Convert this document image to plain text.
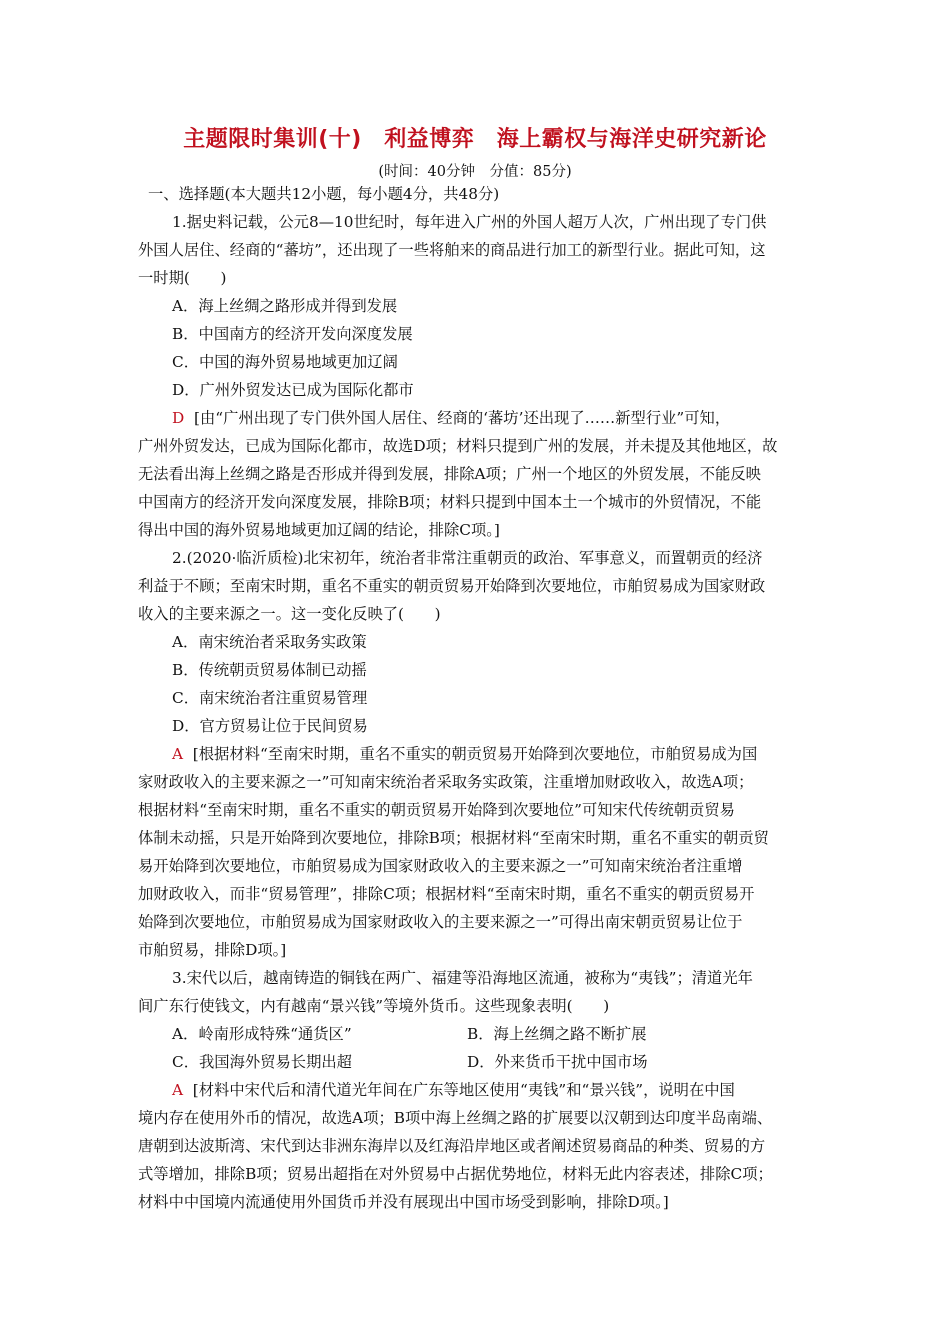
主题限时集训(十)　利益博弈　海上霸权与海洋史研究新论
(时间：40分钟　分值：85分)
一、选择题(本大题共12小题，每小题4分，共48分)
1.据史料记载，公元8—10世纪时，每年进入广州的外国人超万人次，广州出现了专门供
外国人居住、经商的“蕃坊”，还出现了一些将舶来的商品进行加工的新型行业。据此可知，这
一时期(　　)
A．海上丝绸之路形成并得到发展
B．中国南方的经济开发向深度发展
C．中国的海外贸易地域更加辽阔
D．广州外贸发达已成为国际化都市
D [由“广州出现了专门供外国人居住、经商的‘蕃坊’还出现了……新型行业”可知，
广州外贸发达，已成为国际化都市，故选D项；材料只提到广州的发展，并未提及其他地区，故
无法看出海上丝绸之路是否形成并得到发展，排除A项；广州一个地区的外贸发展，不能反映
中国南方的经济开发向深度发展，排除B项；材料只提到中国本土一个城市的外贸情况，不能
得出中国的海外贸易地域更加辽阔的结论，排除C项。]
2.(2020·临沂质检)北宋初年，统治者非常注重朝贡的政治、军事意义，而置朝贡的经济
利益于不顾；至南宋时期，重名不重实的朝贡贸易开始降到次要地位，市舶贸易成为国家财政
收入的主要来源之一。这一变化反映了(　　)
A．南宋统治者采取务实政策
B．传统朝贡贸易体制已动摇
C．南宋统治者注重贸易管理
D．官方贸易让位于民间贸易
A [根据材料“至南宋时期，重名不重实的朝贡贸易开始降到次要地位，市舶贸易成为国
家财政收入的主要来源之一”可知南宋统治者采取务实政策，注重增加财政收入，故选A项；
根据材料“至南宋时期，重名不重实的朝贡贸易开始降到次要地位”可知宋代传统朝贡贸易
体制未动摇，只是开始降到次要地位，排除B项；根据材料“至南宋时期，重名不重实的朝贡贸
易开始降到次要地位，市舶贸易成为国家财政收入的主要来源之一”可知南宋统治者注重增
加财政收入，而非“贸易管理”，排除C项；根据材料“至南宋时期，重名不重实的朝贡贸易开
始降到次要地位，市舶贸易成为国家财政收入的主要来源之一”可得出南宋朝贡贸易让位于
市舶贸易，排除D项。]
3.宋代以后，越南铸造的铜钱在两广、福建等沿海地区流通，被称为“夷钱”；清道光年
间广东行使钱文，内有越南“景兴钱”等境外货币。这些现象表明(　　)
A．岭南形成特殊“通货区”	B．海上丝绸之路不断扩展
C．我国海外贸易长期出超	D．外来货币干扰中国市场
A [材料中宋代后和清代道光年间在广东等地区使用“夷钱”和“景兴钱”，说明在中国
境内存在使用外币的情况，故选A项；B项中海上丝绸之路的扩展要以汉朝到达印度半岛南端、
唐朝到达波斯湾、宋代到达非洲东海岸以及红海沿岸地区或者阐述贸易商品的种类、贸易的方
式等增加，排除B项；贸易出超指在对外贸易中占据优势地位，材料无此内容表述，排除C项；
材料中中国境内流通使用外国货币并没有展现出中国市场受到影响，排除D项。]
